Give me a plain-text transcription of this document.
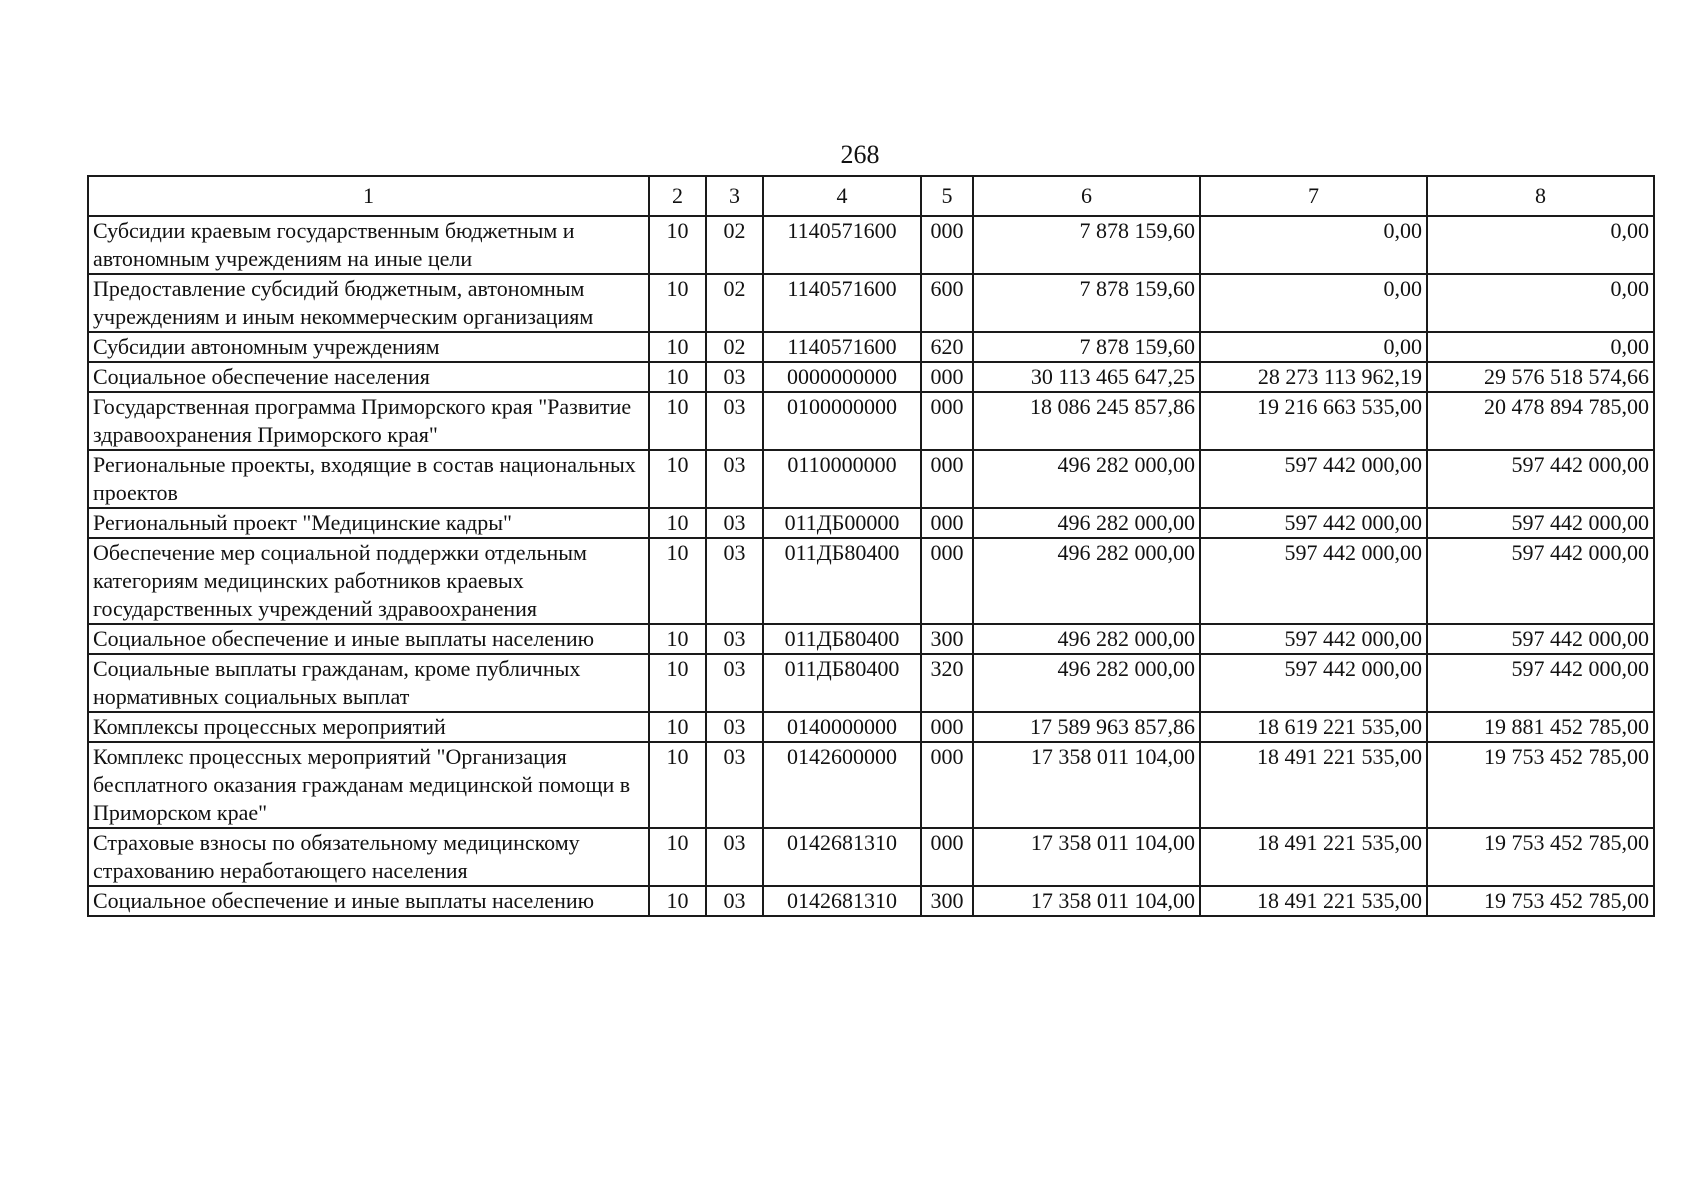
268
1	2	3	4	5	6	7	8
Субсидии краевым государственным бюджетным и автономным учреждениям на иные цели	10	02	1140571600	000	7 878 159,60	0,00	0,00
Предоставление субсидий бюджетным, автономным учреждениям и иным некоммерческим организациям	10	02	1140571600	600	7 878 159,60	0,00	0,00
Субсидии автономным учреждениям	10	02	1140571600	620	7 878 159,60	0,00	0,00
Социальное обеспечение населения	10	03	0000000000	000	30 113 465 647,25	28 273 113 962,19	29 576 518 574,66
Государственная программа Приморского края "Развитие здравоохранения Приморского края"	10	03	0100000000	000	18 086 245 857,86	19 216 663 535,00	20 478 894 785,00
Региональные проекты, входящие в состав национальных проектов	10	03	0110000000	000	496 282 000,00	597 442 000,00	597 442 000,00
Региональный проект "Медицинские кадры"	10	03	011ДБ00000	000	496 282 000,00	597 442 000,00	597 442 000,00
Обеспечение мер социальной поддержки отдельным категориям медицинских работников краевых государственных учреждений здравоохранения	10	03	011ДБ80400	000	496 282 000,00	597 442 000,00	597 442 000,00
Социальное обеспечение и иные выплаты населению	10	03	011ДБ80400	300	496 282 000,00	597 442 000,00	597 442 000,00
Социальные выплаты гражданам, кроме публичных нормативных социальных выплат	10	03	011ДБ80400	320	496 282 000,00	597 442 000,00	597 442 000,00
Комплексы процессных мероприятий	10	03	0140000000	000	17 589 963 857,86	18 619 221 535,00	19 881 452 785,00
Комплекс процессных мероприятий "Организация бесплатного оказания гражданам медицинской помощи в Приморском крае"	10	03	0142600000	000	17 358 011 104,00	18 491 221 535,00	19 753 452 785,00
Страховые взносы по обязательному медицинскому страхованию неработающего населения	10	03	0142681310	000	17 358 011 104,00	18 491 221 535,00	19 753 452 785,00
Социальное обеспечение и иные выплаты населению	10	03	0142681310	300	17 358 011 104,00	18 491 221 535,00	19 753 452 785,00
